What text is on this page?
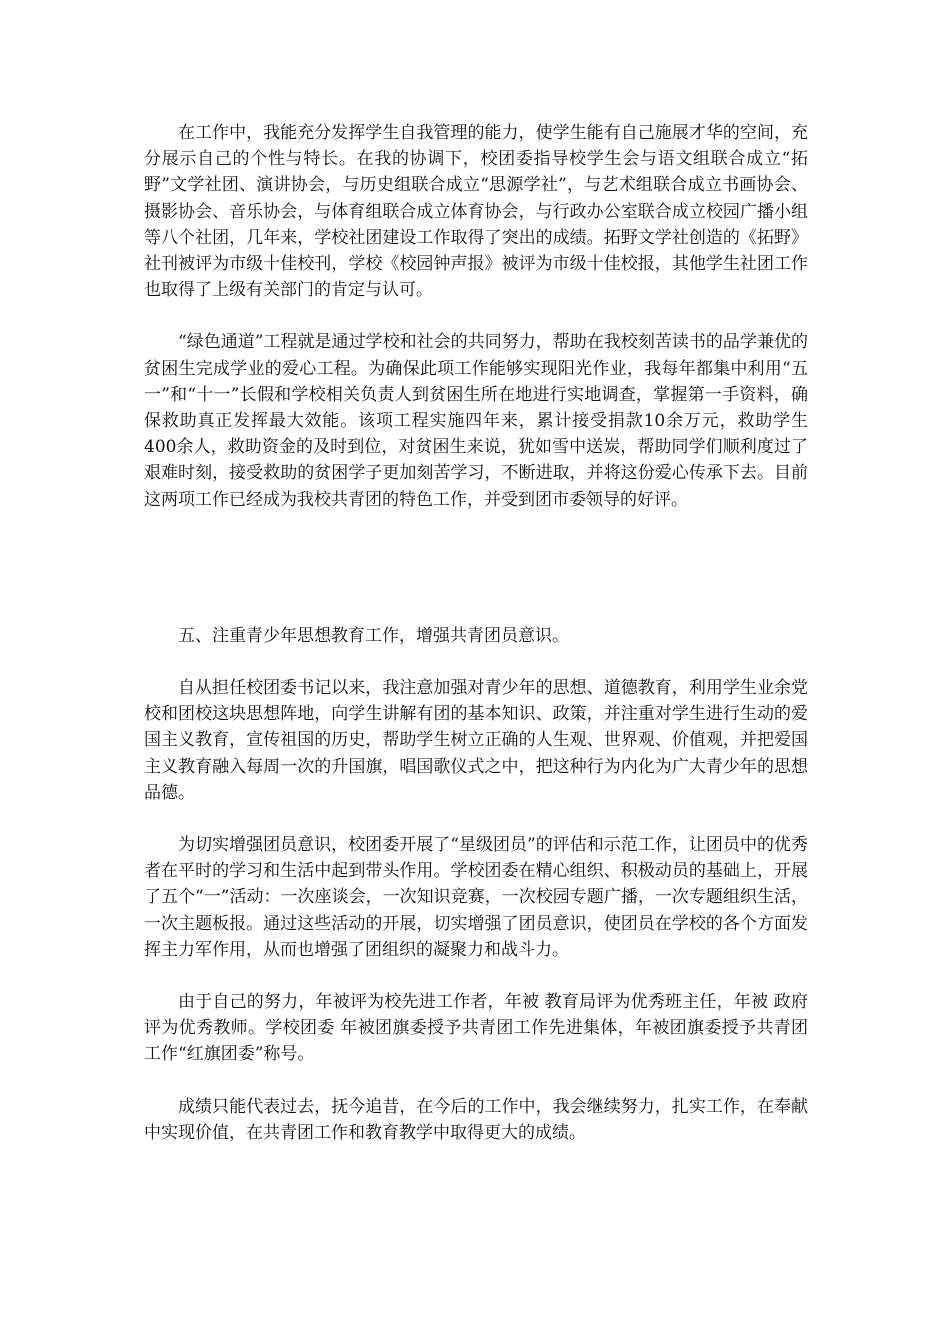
在工作中，我能充分发挥学生自我管理的能力，使学生能有自己施展才华的空间，充分展示自己的个性与特长。在我的协调下，校团委指导校学生会与语文组联合成立“拓野”文学社团、演讲协会，与历史组联合成立“思源学社”，与艺术组联合成立书画协会、摄影协会、音乐协会，与体育组联合成立体育协会，与行政办公室联合成立校园广播小组等八个社团，几年来，学校社团建设工作取得了突出的成绩。拓野文学社创造的《拓野》社刊被评为市级十佳校刊，学校《校园钟声报》被评为市级十佳校报，其他学生社团工作也取得了上级有关部门的肯定与认可。

“绿色通道”工程就是通过学校和社会的共同努力，帮助在我校刻苦读书的品学兼优的贫困生完成学业的爱心工程。为确保此项工作能够实现阳光作业，我每年都集中利用“五一”和“十一”长假和学校相关负责人到贫困生所在地进行实地调查，掌握第一手资料，确保救助真正发挥最大效能。该项工程实施四年来，累计接受捐款10余万元，救助学生400余人，救助资金的及时到位，对贫困生来说，犹如雪中送炭，帮助同学们顺利度过了艰难时刻，接受救助的贫困学子更加刻苦学习，不断进取，并将这份爱心传承下去。目前这两项工作已经成为我校共青团的特色工作，并受到团市委领导的好评。

五、注重青少年思想教育工作，增强共青团员意识。

自从担任校团委书记以来，我注意加强对青少年的思想、道德教育，利用学生业余党校和团校这块思想阵地，向学生讲解有团的基本知识、政策，并注重对学生进行生动的爱国主义教育，宣传祖国的历史，帮助学生树立正确的人生观、世界观、价值观，并把爱国主义教育融入每周一次的升国旗，唱国歌仪式之中，把这种行为内化为广大青少年的思想品德。

为切实增强团员意识，校团委开展了“星级团员”的评估和示范工作，让团员中的优秀者在平时的学习和生活中起到带头作用。学校团委在精心组织、积极动员的基础上，开展了五个“一”活动：一次座谈会，一次知识竞赛，一次校园专题广播，一次专题组织生活，一次主题板报。通过这些活动的开展，切实增强了团员意识，使团员在学校的各个方面发挥主力军作用，从而也增强了团组织的凝聚力和战斗力。

由于自己的努力，年被评为校先进工作者，年被 教育局评为优秀班主任，年被 政府评为优秀教师。学校团委 年被团旗委授予共青团工作先进集体，年被团旗委授予共青团工作“红旗团委”称号。

成绩只能代表过去，抚今追昔，在今后的工作中，我会继续努力，扎实工作，在奉献中实现价值，在共青团工作和教育教学中取得更大的成绩。
